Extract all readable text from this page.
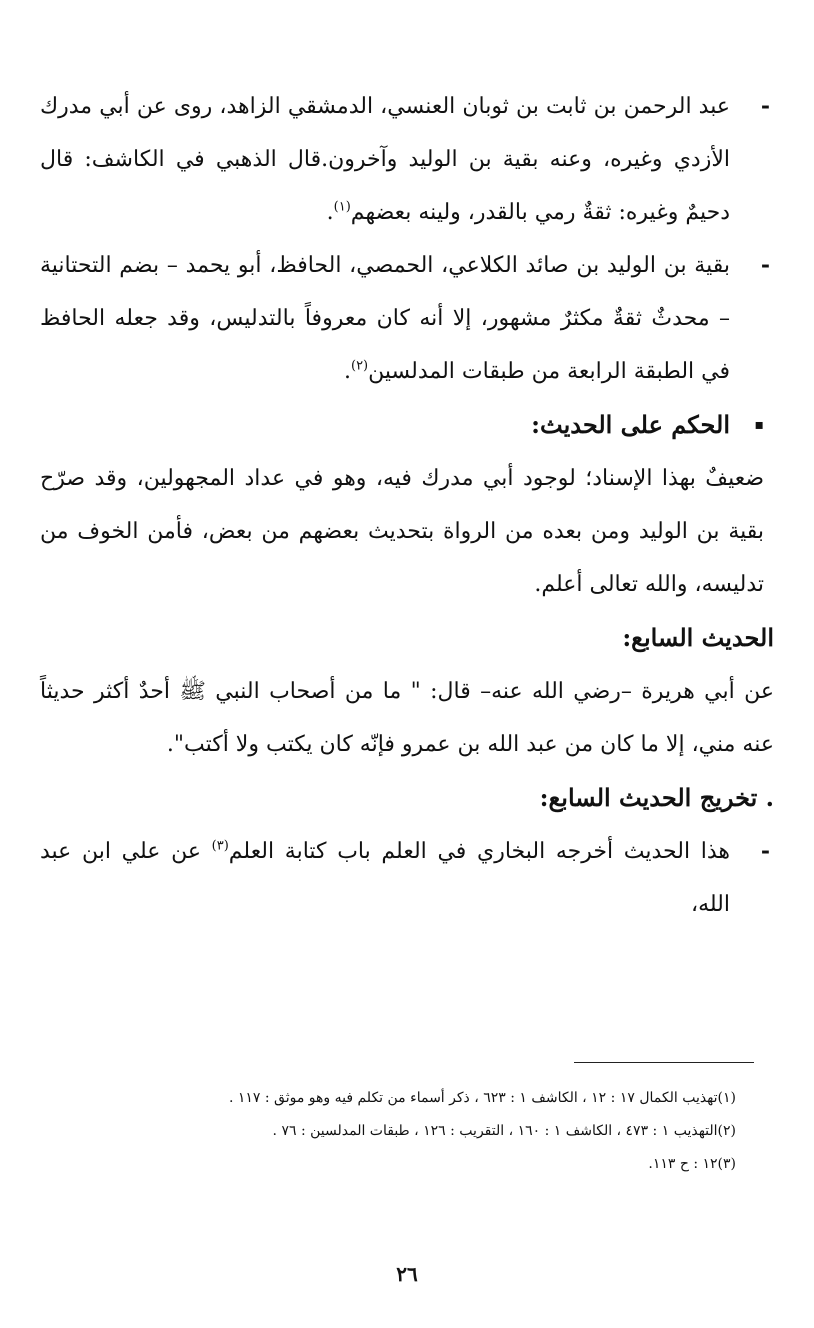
-
عبد الرحمن بن ثابت بن ثوبان العنسي، الدمشقي الزاهد، روى عن أبي مدرك الأزدي وغيره، وعنه بقية بن الوليد وآخرون.قال الذهبي في الكاشف: قال دحيمٌ وغيره: ثقةٌ رمي بالقدر، ولينه بعضهم$^{(١)}$.
-
بقية بن الوليد بن صائد الكلاعي، الحمصي، الحافظ، أبو يحمد – بضم التحتانية – محدثٌ ثقةٌ مكثرٌ مشهور، إلا أنه كان معروفاً بالتدليس، وقد جعله الحافظ في الطبقة الرابعة من طبقات المدلسين$^{(٢)}$.
▪
الحكم على الحديث:
ضعيفٌ بهذا الإسناد؛ لوجود أبي مدرك فيه، وهو في عداد المجهولين، وقد صرّح بقية بن الوليد ومن بعده من الرواة بتحديث بعضهم من بعض، فأمن الخوف من تدليسه، والله تعالى أعلم.
الحديث السابع:
عن أبي هريرة –رضي الله عنه– قال: " ما من أصحاب النبي ﷺ أحدٌ أكثر حديثاً عنه مني، إلا ما كان من عبد الله بن عمرو فإنّه كان يكتب ولا أكتب".
. تخريج الحديث السابع:
-
هذا الحديث أخرجه البخاري في العلم باب كتابة العلم$^{(٣)}$ عن علي ابن عبد الله،

(١)تهذيب الكمال ١٧ : ١٢ ، الكاشف ١ : ٦٢٣ ، ذكر أسماء من تكلم فيه وهو موثق : ١١٧ .

(٢)التهذيب ١ : ٤٧٣ ، الكاشف ١ : ١٦٠ ، التقريب : ١٢٦ ، طبقات المدلسين : ٧٦ .

(٣)١٢ : ح ١١٣.

٢٦
